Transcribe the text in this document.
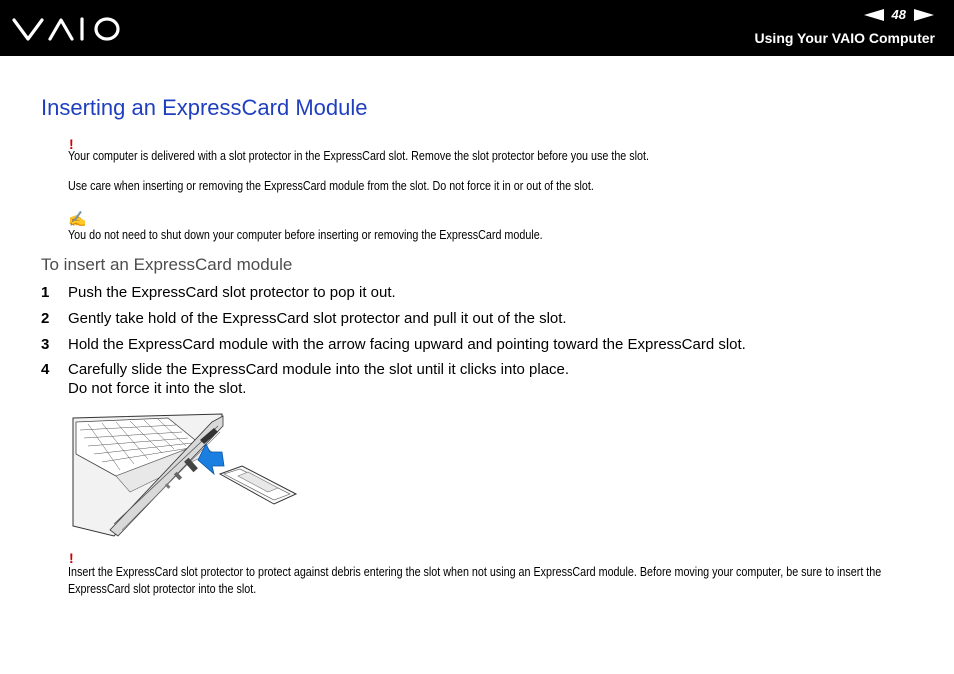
48
Using Your VAIO Computer
Inserting an ExpressCard Module
!
Your computer is delivered with a slot protector in the ExpressCard slot. Remove the slot protector before you use the slot.
Use care when inserting or removing the ExpressCard module from the slot. Do not force it in or out of the slot.
✍
You do not need to shut down your computer before inserting or removing the ExpressCard module.
To insert an ExpressCard module
1 Push the ExpressCard slot protector to pop it out.
2 Gently take hold of the ExpressCard slot protector and pull it out of the slot.
3 Hold the ExpressCard module with the arrow facing upward and pointing toward the ExpressCard slot.
4 Carefully slide the ExpressCard module into the slot until it clicks into place.
Do not force it into the slot.
!
Insert the ExpressCard slot protector to protect against debris entering the slot when not using an ExpressCard module. Before moving your computer, be sure to insert the ExpressCard slot protector into the slot.
